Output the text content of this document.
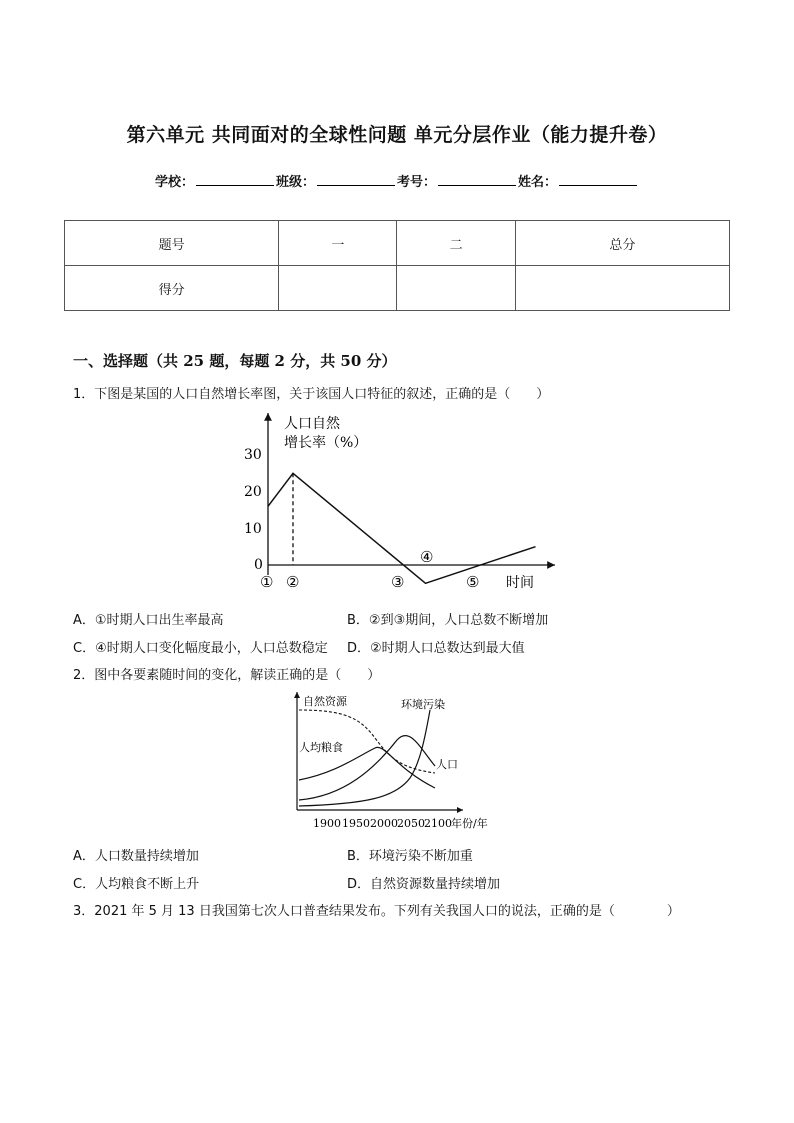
第六单元 共同面对的全球性问题 单元分层作业（能力提升卷）
学校：	班级：	考号：	姓名：
题号	一	二	总分
得分			
一、选择题（共 25 题，每题 2 分，共 50 分）
1．下图是某国的人口自然增长率图，关于该国人口特征的叙述，正确的是（　　）
人口自然
增长率（%）
30
20
10
0
① ②	③
④
⑤ 时间
A．①时期人口出生率最高	B．②到③期间，人口总数不断增加
C．④时期人口变化幅度最小，人口总数稳定 D．②时期人口总数达到最大值
2．图中各要素随时间的变化，解读正确的是（　　）
自然资源	环境污染
人均粮食
人口
1900 1950 2000 2050 2100 年份/年
A．人口数量持续增加	B．环境污染不断加重
C．人均粮食不断上升	D．自然资源数量持续增加
3．2021 年 5 月 13 日我国第七次人口普查结果发布。下列有关我国人口的说法，正确的是（　　　　）
